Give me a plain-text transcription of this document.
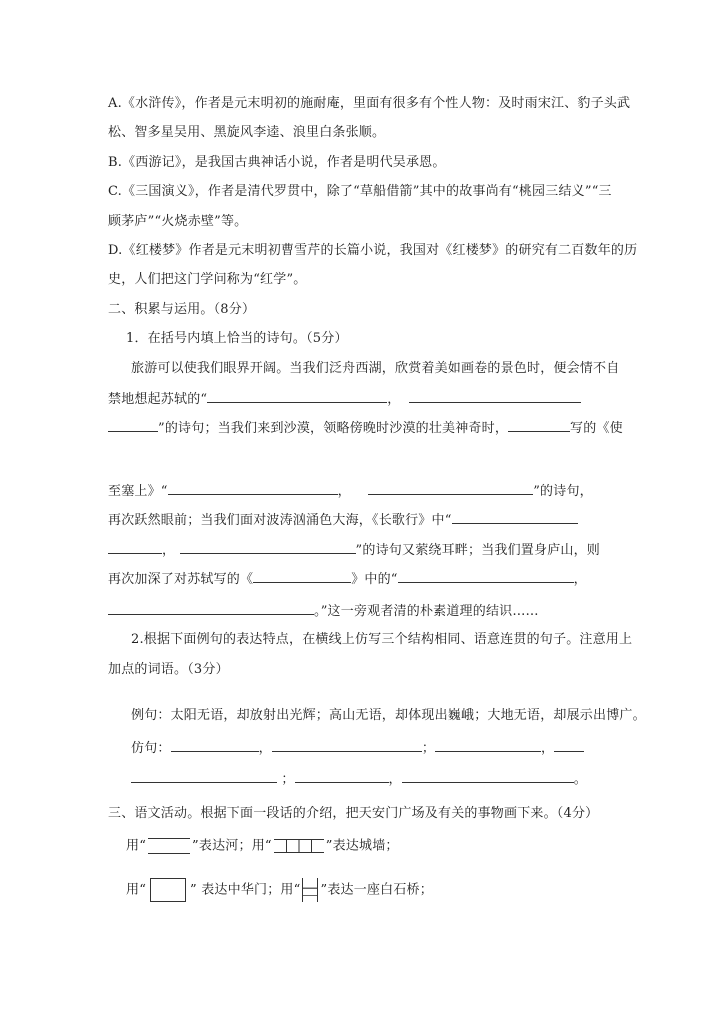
A.《水浒传》，作者是元末明初的施耐庵，里面有很多有个性人物：及时雨宋江、豹子头武
松、智多星吴用、黑旋风李逵、浪里白条张顺。
B.《西游记》，是我国古典神话小说，作者是明代吴承恩。
C.《三国演义》，作者是清代罗贯中，除了“草船借箭”其中的故事尚有“桃园三结义”“三
顾茅庐”“火烧赤壁”等。
D.《红楼梦》作者是元末明初曹雪芹的长篇小说，我国对《红楼梦》的研究有二百数年的历
史，人们把这门学问称为“红学”。
二、积累与运用。（8分）
1．在括号内填上恰当的诗句。（5分）
旅游可以使我们眼界开阔。当我们泛舟西湖，欣赏着美如画卷的景色时，便会情不自
禁地想起苏轼的“	，
”的诗句；当我们来到沙漠，领略傍晚时沙漠的壮美神奇时，	写的《使
至塞上》“	，	”的诗句，
再次跃然眼前；当我们面对波涛汹涌色大海，《长歌行》中“
，	”的诗句又萦绕耳畔；当我们置身庐山，则
再次加深了对苏轼写的《	》中的“	，
。”这一旁观者清的朴素道理的结识……
2.根据下面例句的表达特点，在横线上仿写三个结构相同、语意连贯的句子。注意用上
加点的词语。（3分）
例句：太阳无语，却放射出光辉；高山无语，却体现出巍峨；大地无语，却展示出博广。
仿句：	，	；	，
；	，	。
三、语文活动。根据下面一段话的介绍，把天安门广场及有关的事物画下来。（4分）
用“	”表达河；用“	”表达城墙；
用“	” 表达中华门；用“ ”表达一座白石桥；
